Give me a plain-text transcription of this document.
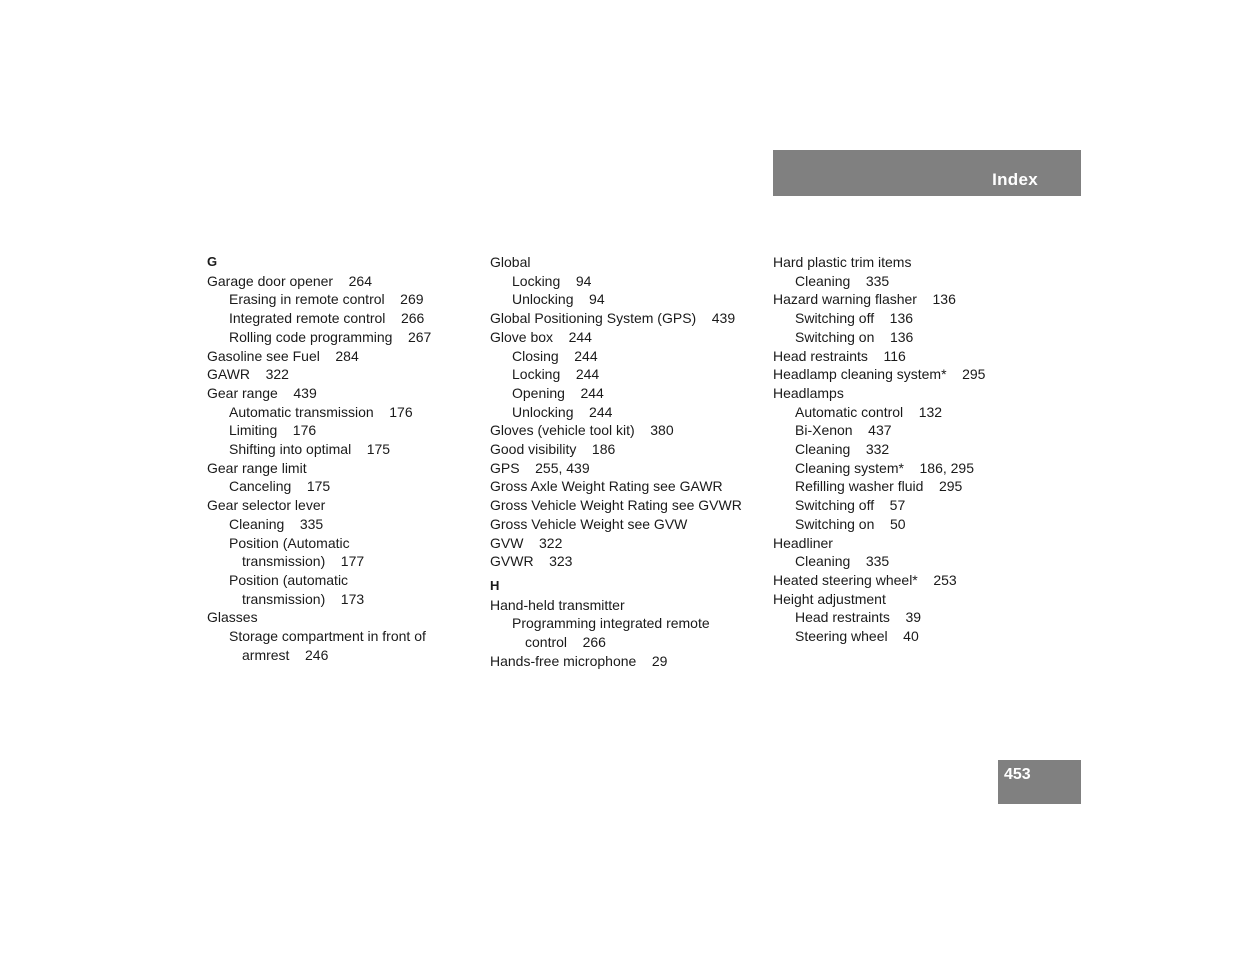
Index
G
Garage door opener    264
Erasing in remote control    269
Integrated remote control    266
Rolling code programming    267
Gasoline see Fuel    284
GAWR    322
Gear range    439
Automatic transmission    176
Limiting    176
Shifting into optimal    175
Gear range limit
Canceling    175
Gear selector lever
Cleaning    335
Position (Automatic
transmission)    177
Position (automatic
transmission)    173
Glasses
Storage compartment in front of
armrest    246
Global
Locking    94
Unlocking    94
Global Positioning System (GPS)    439
Glove box    244
Closing    244
Locking    244
Opening    244
Unlocking    244
Gloves (vehicle tool kit)    380
Good visibility    186
GPS    255, 439
Gross Axle Weight Rating see GAWR
Gross Vehicle Weight Rating see GVWR
Gross Vehicle Weight see GVW
GVW    322
GVWR    323
H
Hand-held transmitter
Programming integrated remote
control    266
Hands-free microphone    29
Hard plastic trim items
Cleaning    335
Hazard warning flasher    136
Switching off    136
Switching on    136
Head restraints    116
Headlamp cleaning system*    295
Headlamps
Automatic control    132
Bi-Xenon    437
Cleaning    332
Cleaning system*    186, 295
Refilling washer fluid    295
Switching off    57
Switching on    50
Headliner
Cleaning    335
Heated steering wheel*    253
Height adjustment
Head restraints    39
Steering wheel    40
453
